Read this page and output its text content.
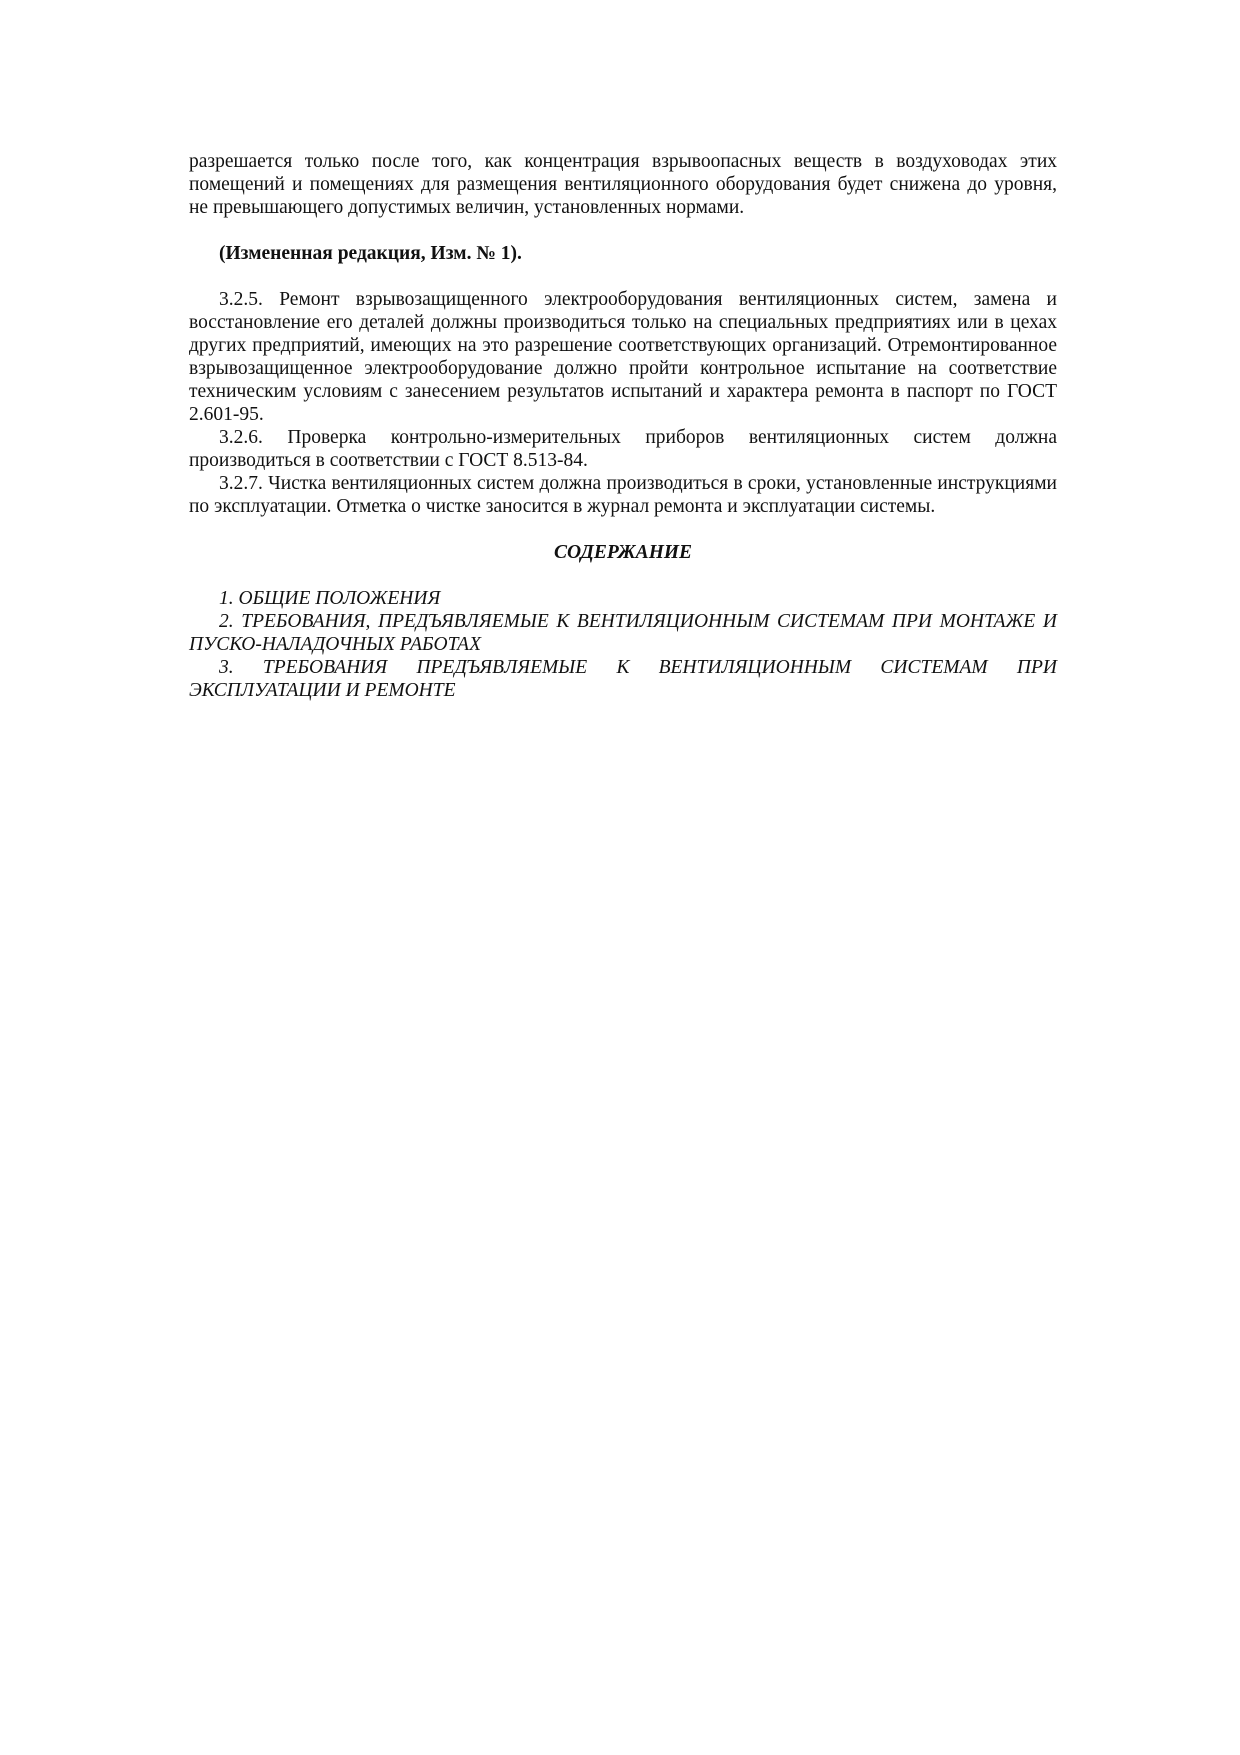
разрешается только после того, как концентрация взрывоопасных веществ в воздуховодах этих помещений и помещениях для размещения вентиляционного оборудования будет снижена до уровня, не превышающего допустимых величин, установленных нормами.

(Измененная редакция, Изм. № 1).

3.2.5. Ремонт взрывозащищенного электрооборудования вентиляционных систем, замена и восстановление его деталей должны производиться только на специальных предприятиях или в цехах других предприятий, имеющих на это разрешение соответствующих организаций. Отремонтированное взрывозащищенное электрооборудование должно пройти контрольное испытание на соответствие техническим условиям с занесением результатов испытаний и характера ремонта в паспорт по ГОСТ 2.601-95.

3.2.6. Проверка контрольно-измерительных приборов вентиляционных систем должна производиться в соответствии с ГОСТ 8.513-84.

3.2.7. Чистка вентиляционных систем должна производиться в сроки, установленные инструкциями по эксплуатации. Отметка о чистке заносится в журнал ремонта и эксплуатации системы.

СОДЕРЖАНИЕ

1. ОБЩИЕ ПОЛОЖЕНИЯ

2. ТРЕБОВАНИЯ, ПРЕДЪЯВЛЯЕМЫЕ К ВЕНТИЛЯЦИОННЫМ СИСТЕМАМ ПРИ МОНТАЖЕ И ПУСКО-НАЛАДОЧНЫХ РАБОТАХ

3. ТРЕБОВАНИЯ ПРЕДЪЯВЛЯЕМЫЕ К ВЕНТИЛЯЦИОННЫМ СИСТЕМАМ ПРИ ЭКСПЛУАТАЦИИ И РЕМОНТЕ
